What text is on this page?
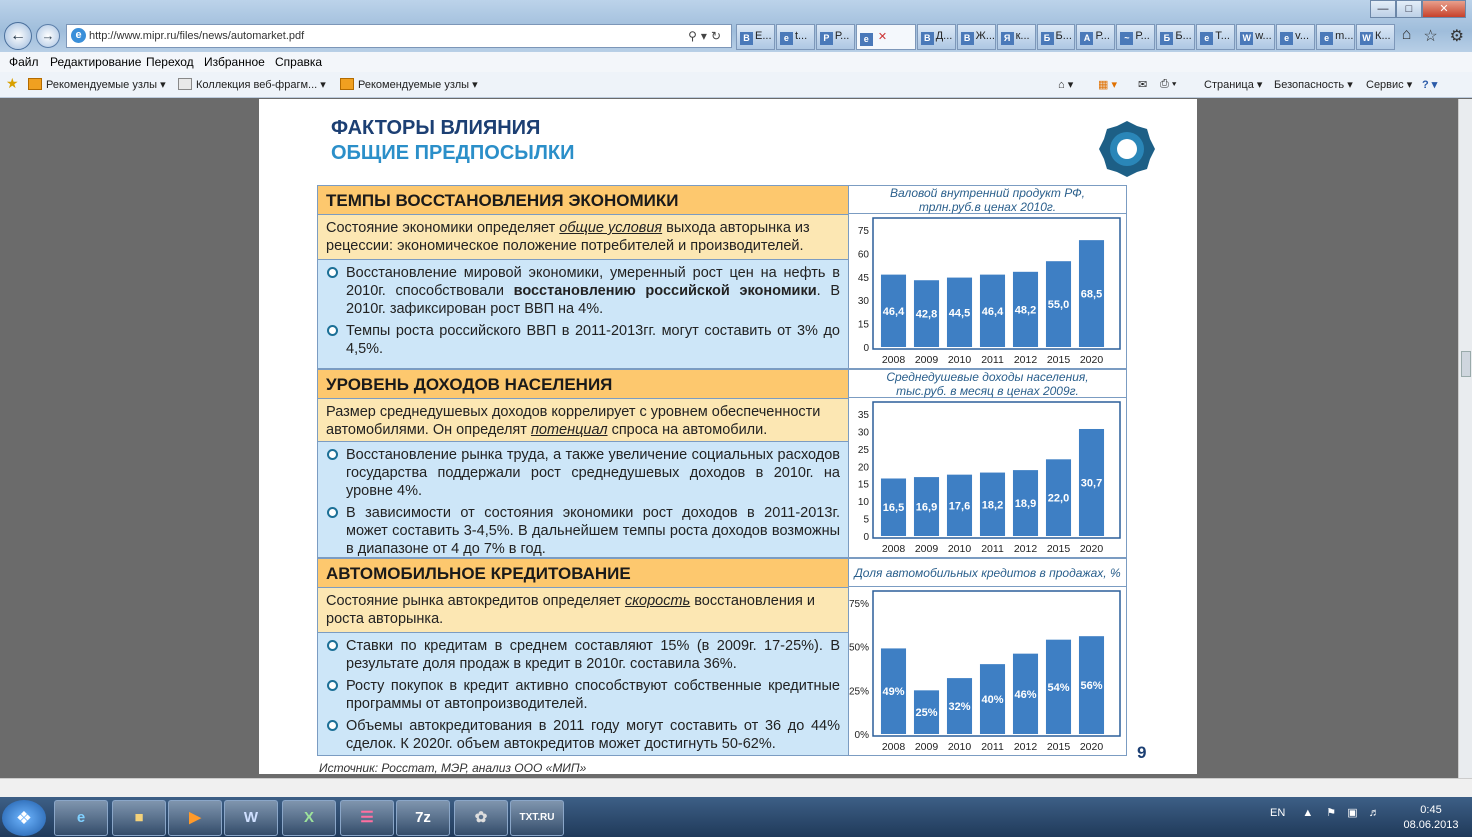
←	→	e http://www.mipr.ru/files/news/automarket.pdf	⚲▾↻	В Е...	e t...	P Р...	e ✕	В Д...	В Ж... Я к...	Б Б...	A Р...	~ Р...	Б Б...	e Т...	W w...	e v...	e m... W К...
—	□	✕
⌂ ☆ ⚙
Файл Редактирование Переход Избранное Справка
★	Рекомендуемые узлы ▾	Коллекция веб-фрагм... ▾	Рекомендуемые узлы ▾	⌂ ▾ ▦ ▾ ✉ ⎙ ▾	Страница ▾ Безопасность ▾ Сервис ▾ ? ▾
ФАКТОРЫ ВЛИЯНИЯ
ОБЩИЕ ПРЕДПОСЫЛКИ
ТЕМПЫ ВОССТАНОВЛЕНИЯ ЭКОНОМИКИ
Состояние экономики определяет общие условия выхода авторынка из рецессии: экономическое положение потребителей и производителей.
Восстановление мировой экономики, умеренный рост цен на нефть в 2010г. способствовали восстановлению российской экономики. В 2010г. зафиксирован рост ВВП на 4%.
Темпы роста российского ВВП в 2011-2013гг. могут составить от 3% до 4,5%.
УРОВЕНЬ ДОХОДОВ НАСЕЛЕНИЯ
Размер среднедушевых доходов коррелирует с уровнем обеспеченности автомобилями. Он определят потенциал спроса на автомобили.
Восстановление рынка труда, а также увеличение социальных расходов государства поддержали рост среднедушевых доходов в 2010г. на уровне 4%.
В зависимости от состояния экономики рост доходов в 2011-2013г. может составить 3-4,5%. В дальнейшем темпы роста доходов возможны в диапазоне от 4 до 7% в год.
АВТОМОБИЛЬНОЕ КРЕДИТОВАНИЕ
Состояние рынка автокредитов определяет скорость восстановления и роста авторынка.
Ставки по кредитам в среднем составляют 15% (в 2009г. 17-25%). В результате доля продаж в кредит в 2010г. составила 36%.
Росту покупок в кредит активно способствуют собственные кредитные программы от автопроизводителей.
Объемы автокредитования в 2011 году могут составить от 36 до 44% сделок. К 2020г. объем автокредитов может достигнуть 50-62%.
Валовой внутренний продукт РФ,
трлн.руб.в ценах 2010г.
75
60
45
30
15
0
46,4
2008
42,8
2009
44,5
2010
46,4
2011
48,2
2012
55,0
2015
68,5
2020
Среднедушевые доходы населения,
тыс.руб. в месяц в ценах 2009г.
35
30
25
20
15
10
5
0
16,5
2008
16,9
2009
17,6
2010
18,2
2011
18,9
2012
22,0
2015
30,7
2020
Доля автомобильных кредитов в продажах, %
75%
50%
25%
0%
49%
2008
25%
2009
32%
2010
40%
2011
46%
2012
54%
2015
56%
2020 9
Источник: Росстат, МЭР, анализ ООО «МИП»
❖	e	■	▶	W	X	☰	7z	✿	TXT.RU	EN ▲ ⚑ ▣ ♬	0:45
08.06.2013
